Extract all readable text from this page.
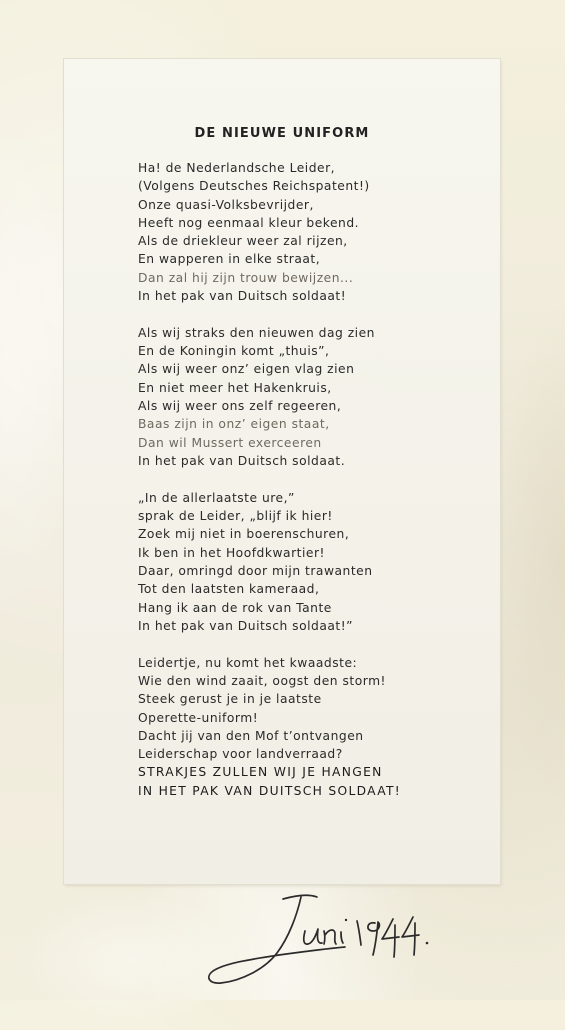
DE NIEUWE UNIFORM
Ha! de Nederlandsche Leider,
(Volgens Deutsches Reichspatent!)
Onze quasi-Volksbevrijder,
Heeft nog eenmaal kleur bekend.
Als de driekleur weer zal rijzen,
En wapperen in elke straat,
Dan zal hij zijn trouw bewijzen...
In het pak van Duitsch soldaat!
Als wij straks den nieuwen dag zien
En de Koningin komt „thuis”,
Als wij weer onz’ eigen vlag zien
En niet meer het Hakenkruis,
Als wij weer ons zelf regeeren,
Baas zijn in onz’ eigen staat,
Dan wil Mussert exerceeren
In het pak van Duitsch soldaat.
„In de allerlaatste ure,”
sprak de Leider, „blijf ik hier!
Zoek mij niet in boerenschuren,
Ik ben in het Hoofdkwartier!
Daar, omringd door mijn trawanten
Tot den laatsten kameraad,
Hang ik aan de rok van Tante
In het pak van Duitsch soldaat!”
Leidertje, nu komt het kwaadste:
Wie den wind zaait, oogst den storm!
Steek gerust je in je laatste
Operette-uniform!
Dacht jij van den Mof t’ontvangen
Leiderschap voor landverraad?
STRAKJES ZULLEN WIJ JE HANGEN
IN HET PAK VAN DUITSCH SOLDAAT!
